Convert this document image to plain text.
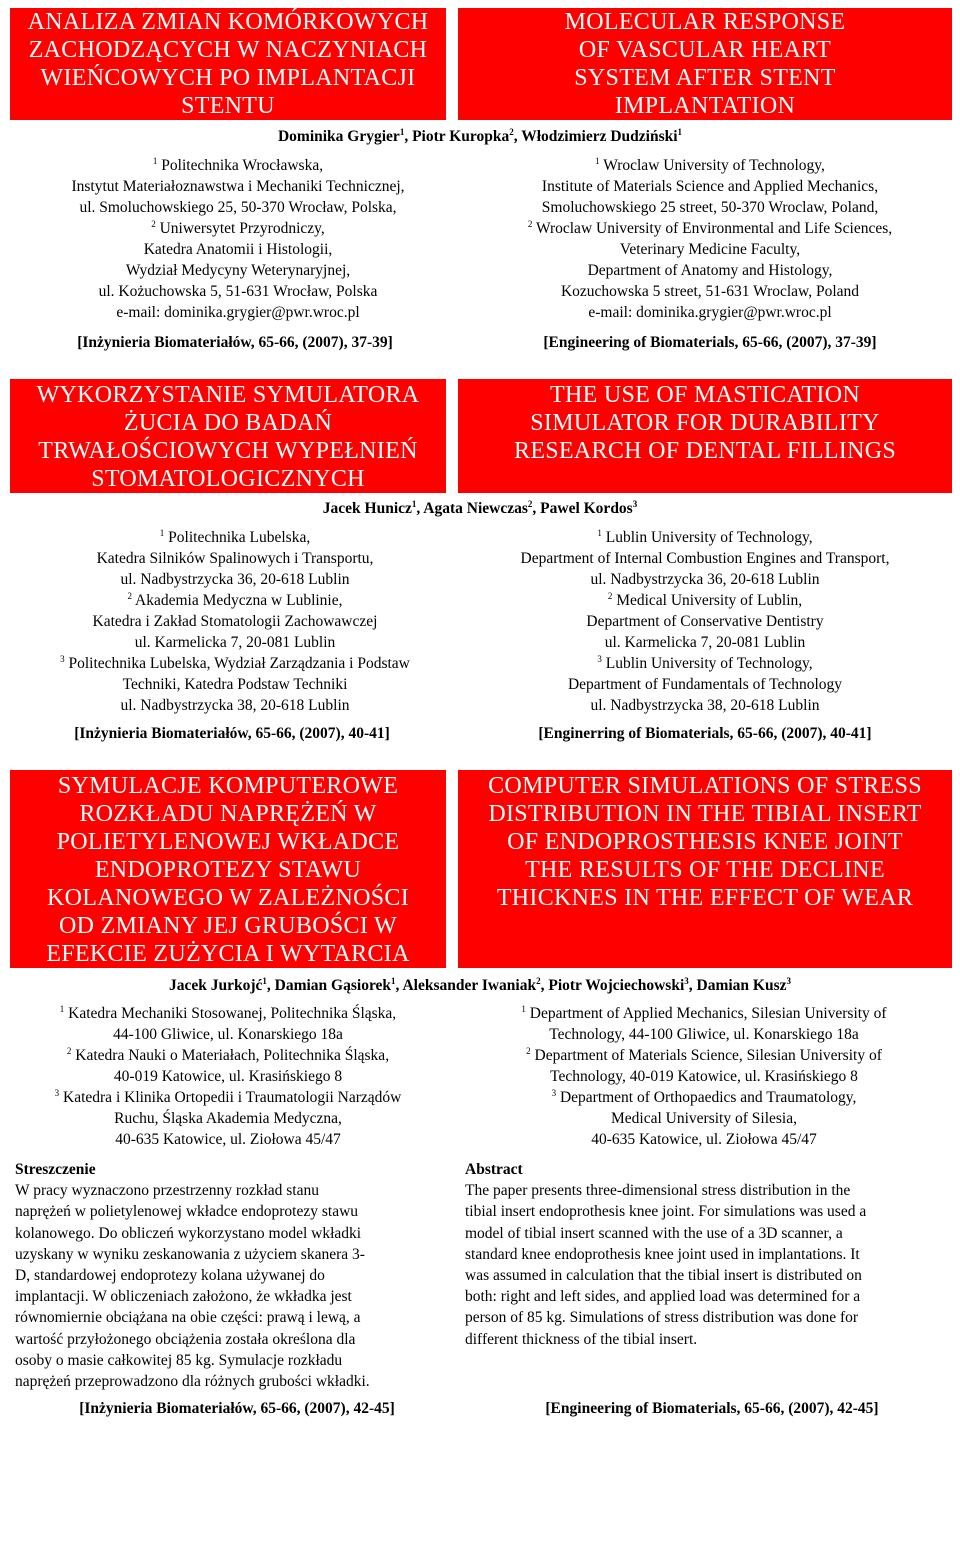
ANALIZA ZMIAN KOMÓRKOWYCH
ZACHODZĄCYCH W NACZYNIACH
WIEŃCOWYCH PO IMPLANTACJI
STENTU
MOLECULAR RESPONSE
OF VASCULAR HEART
SYSTEM AFTER STENT
IMPLANTATION
Dominika Grygier$^1$, Piotr Kuropka$^2$, Włodzimierz Dudziński$^1$
$^1$ Politechnika Wrocławska,
Instytut Materiałoznawstwa i Mechaniki Technicznej,
ul. Smoluchowskiego 25, 50-370 Wrocław, Polska,
$^2$ Uniwersytet Przyrodniczy,
Katedra Anatomii i Histologii,
Wydział Medycyny Weterynaryjnej,
ul. Kożuchowska 5, 51-631 Wrocław, Polska
e-mail: dominika.grygier@pwr.wroc.pl
$^1$ Wroclaw University of Technology,
Institute of Materials Science and Applied Mechanics,
Smoluchowskiego 25 street, 50-370 Wroclaw, Poland,
$^2$ Wroclaw University of Environmental and Life Sciences,
Veterinary Medicine Faculty,
Department of Anatomy and Histology,
Kozuchowska 5 street, 51-631 Wroclaw, Poland
e-mail: dominika.grygier@pwr.wroc.pl
[Inżynieria Biomateriałów, 65-66, (2007), 37-39]	[Engineering of Biomaterials, 65-66, (2007), 37-39]
WYKORZYSTANIE SYMULATORA
ŻUCIA DO BADAŃ
TRWAŁOŚCIOWYCH WYPEŁNIEŃ
STOMATOLOGICZNYCH
THE USE OF MASTICATION
SIMULATOR FOR DURABILITY
RESEARCH OF DENTAL FILLINGS
Jacek Hunicz$^1$, Agata Niewczas$^2$, Pawel Kordos$^3$
$^1$ Politechnika Lubelska,
Katedra Silników Spalinowych i Transportu,
ul. Nadbystrzycka 36, 20-618 Lublin
$^2$ Akademia Medyczna w Lublinie,
Katedra i Zakład Stomatologii Zachowawczej
ul. Karmelicka 7, 20-081 Lublin
$^3$ Politechnika Lubelska, Wydział Zarządzania i Podstaw
Techniki, Katedra Podstaw Techniki
ul. Nadbystrzycka 38, 20-618 Lublin
$^1$ Lublin University of Technology,
Department of Internal Combustion Engines and Transport,
ul. Nadbystrzycka 36, 20-618 Lublin
$^2$ Medical University of Lublin,
Department of Conservative Dentistry
ul. Karmelicka 7, 20-081 Lublin
$^3$ Lublin University of Technology,
Department of Fundamentals of Technology
ul. Nadbystrzycka 38, 20-618 Lublin
[Inżynieria Biomateriałów, 65-66, (2007), 40-41]	[Enginerring of Biomaterials, 65-66, (2007), 40-41]
SYMULACJE KOMPUTEROWE
ROZKŁADU NAPRĘŻEŃ W
POLIETYLENOWEJ WKŁADCE
ENDOPROTEZY STAWU
KOLANOWEGO W ZALEŻNOŚCI
OD ZMIANY JEJ GRUBOŚCI W
EFEKCIE ZUŻYCIA I WYTARCIA
COMPUTER SIMULATIONS OF STRESS
DISTRIBUTION IN THE TIBIAL INSERT
OF ENDOPROSTHESIS KNEE JOINT
THE RESULTS OF THE DECLINE
THICKNES IN THE EFFECT OF WEAR
Jacek Jurkojć$^1$, Damian Gąsiorek$^1$, Aleksander Iwaniak$^2$, Piotr Wojciechowski$^3$, Damian Kusz$^3$
$^1$ Katedra Mechaniki Stosowanej, Politechnika Śląska,
44-100 Gliwice, ul. Konarskiego 18a
$^2$ Katedra Nauki o Materiałach, Politechnika Śląska,
40-019 Katowice, ul. Krasińskiego 8
$^3$ Katedra i Klinika Ortopedii i Traumatologii Narządów
Ruchu, Śląska Akademia Medyczna,
40-635 Katowice, ul. Ziołowa 45/47
$^1$ Department of Applied Mechanics, Silesian University of
Technology, 44-100 Gliwice, ul. Konarskiego 18a
$^2$ Department of Materials Science, Silesian University of
Technology, 40-019 Katowice, ul. Krasińskiego 8
$^3$ Department of Orthopaedics and Traumatology,
Medical University of Silesia,
40-635 Katowice, ul. Ziołowa 45/47
Streszczenie
W pracy wyznaczono przestrzenny rozkład stanu
naprężeń w polietylenowej wkładce endoprotezy stawu
kolanowego. Do obliczeń wykorzystano model wkładki
uzyskany w wyniku zeskanowania z użyciem skanera 3-
D, standardowej endoprotezy kolana używanej do
implantacji. W obliczeniach założono, że wkładka jest
równomiernie obciążana na obie części: prawą i lewą, a
wartość przyłożonego obciążenia została określona dla
osoby o masie całkowitej 85 kg. Symulacje rozkładu
naprężeń przeprowadzono dla różnych grubości wkładki.
Abstract
The paper presents three-dimensional stress distribution in the
tibial insert endoprothesis knee joint. For simulations was used a
model of tibial insert scanned with the use of a 3D scanner, a
standard knee endoprothesis knee joint used in implantations. It
was assumed in calculation that the tibial insert is distributed on
both: right and left sides, and applied load was determined for a
person of 85 kg. Simulations of stress distribution was done for
different thickness of the tibial insert.
[Inżynieria Biomateriałów, 65-66, (2007), 42-45]	[Engineering of Biomaterials, 65-66, (2007), 42-45]
